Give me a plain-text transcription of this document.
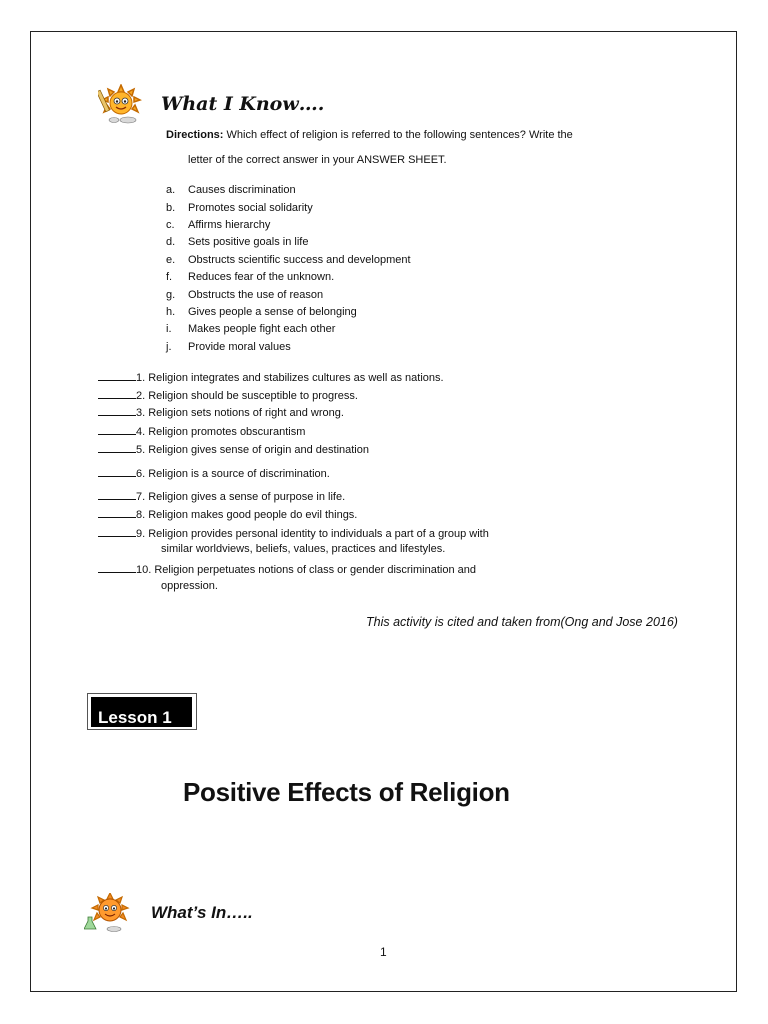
What I Know….
Directions: Which effect of religion is referred to the following sentences? Write the
letter of the correct answer in your ANSWER SHEET.
a. Causes discrimination
b. Promotes social solidarity
c. Affirms hierarchy
d. Sets positive goals in life
e. Obstructs scientific success and development
f. Reduces fear of the unknown.
g. Obstructs the use of reason
h. Gives people a sense of belonging
i. Makes people fight each other
j. Provide moral values
1. Religion integrates and stabilizes cultures as well as nations.
2. Religion should be susceptible to progress.
3. Religion sets notions of right and wrong.
4. Religion promotes obscurantism
5. Religion gives sense of origin and destination
6. Religion is a source of discrimination.
7. Religion gives a sense of purpose in life.
8. Religion makes good people do evil things.
9. Religion provides personal identity to individuals a part of a group with
similar worldviews, beliefs, values, practices and lifestyles.
10. Religion perpetuates notions of class or gender discrimination and
oppression.
This activity is cited and taken from(Ong and Jose 2016)
Lesson 1
Positive Effects of Religion
What’s In…..
1
